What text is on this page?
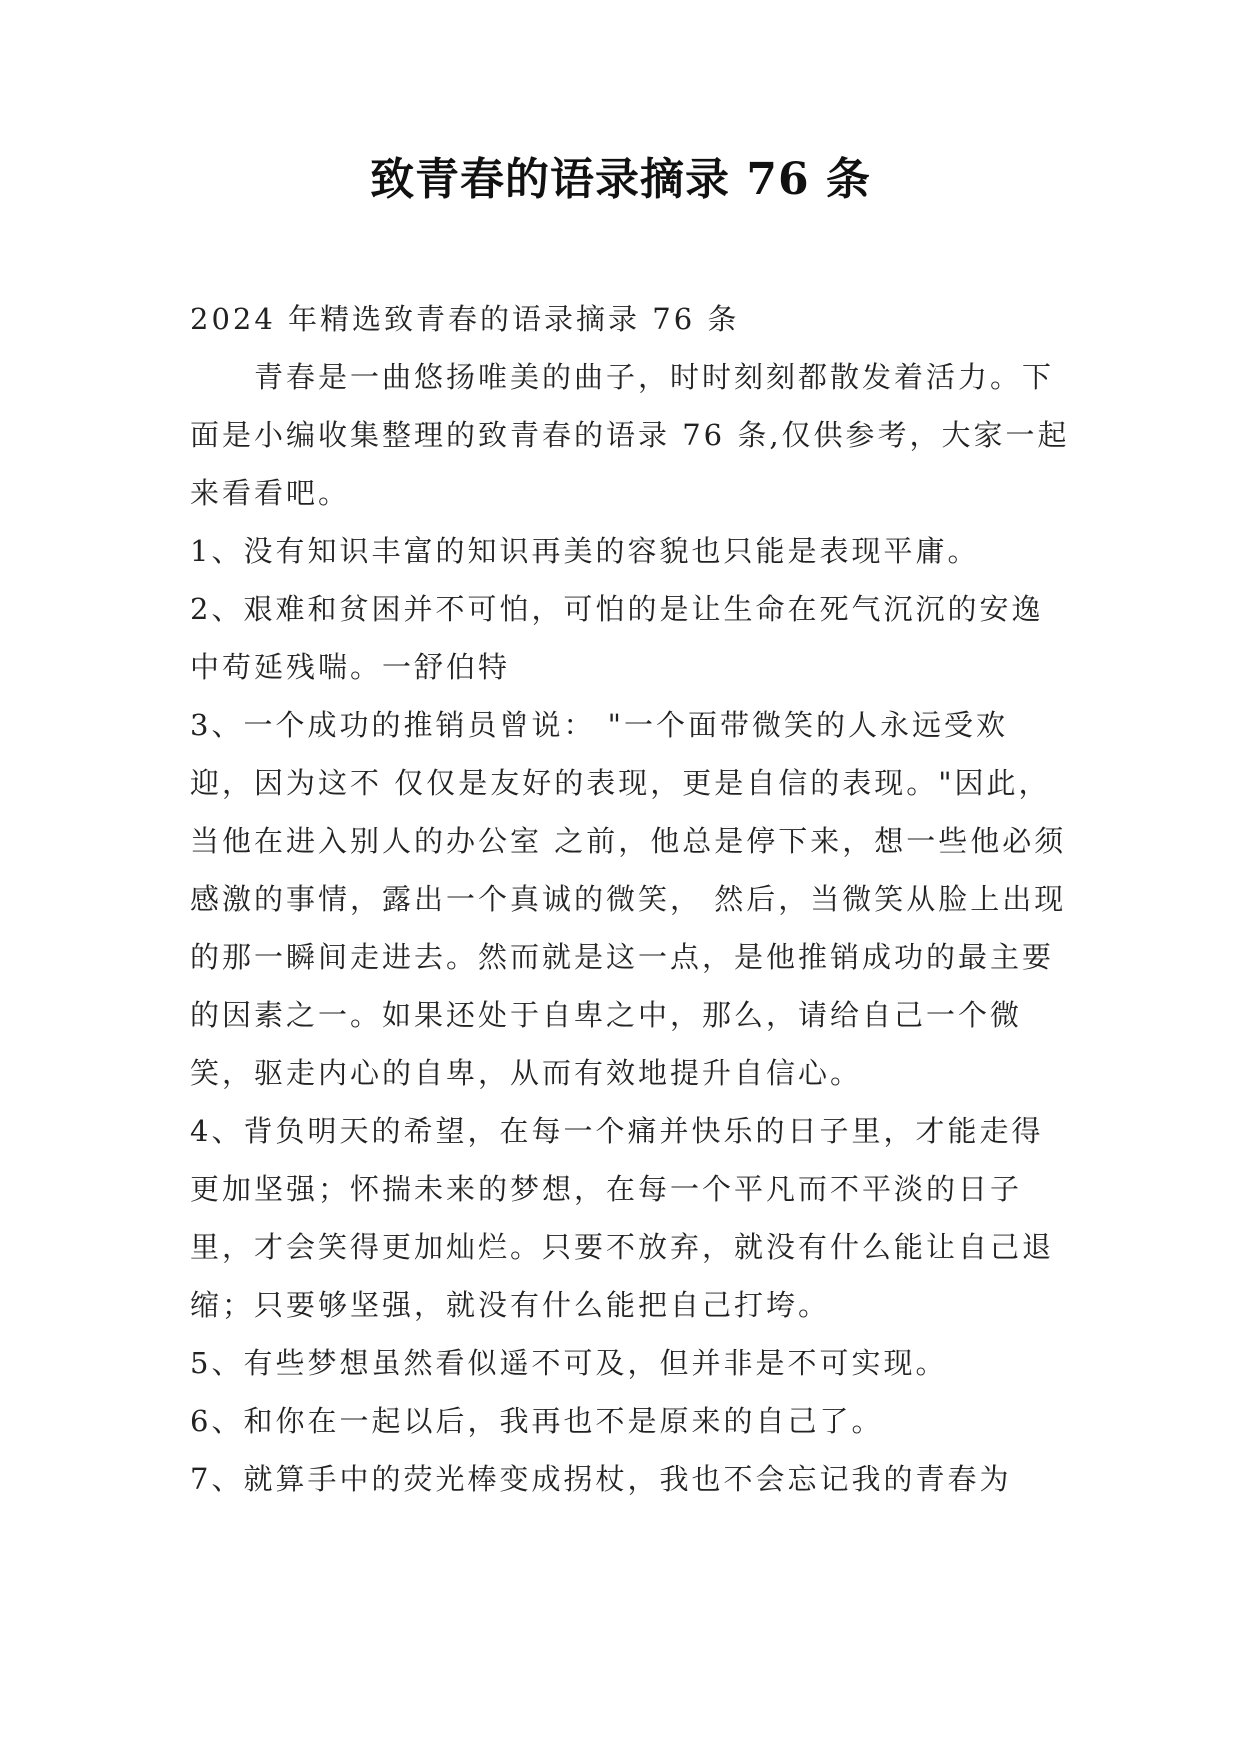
致青春的语录摘录 76 条

2024 年精选致青春的语录摘录 76 条

青春是一曲悠扬唯美的曲子，时时刻刻都散发着活力。下面是小编收集整理的致青春的语录 76 条,仅供参考，大家一起来看看吧。

1、没有知识丰富的知识再美的容貌也只能是表现平庸。

2、艰难和贫困并不可怕，可怕的是让生命在死气沉沉的安逸中苟延残喘。一舒伯特

3、一个成功的推销员曾说： "一个面带微笑的人永远受欢迎，因为这不 仅仅是友好的表现，更是自信的表现。"因此，当他在进入别人的办公室 之前，他总是停下来，想一些他必须感激的事情，露出一个真诚的微笑， 然后，当微笑从脸上出现的那一瞬间走进去。然而就是这一点，是他推销成功的最主要的因素之一。如果还处于自卑之中，那么，请给自己一个微 笑，驱走内心的自卑，从而有效地提升自信心。

4、背负明天的希望，在每一个痛并快乐的日子里，才能走得更加坚强；怀揣未来的梦想，在每一个平凡而不平淡的日子里，才会笑得更加灿烂。只要不放弃，就没有什么能让自己退缩；只要够坚强，就没有什么能把自己打垮。

5、有些梦想虽然看似遥不可及，但并非是不可实现。

6、和你在一起以后，我再也不是原来的自己了。

7、就算手中的荧光棒变成拐杖，我也不会忘记我的青春为
